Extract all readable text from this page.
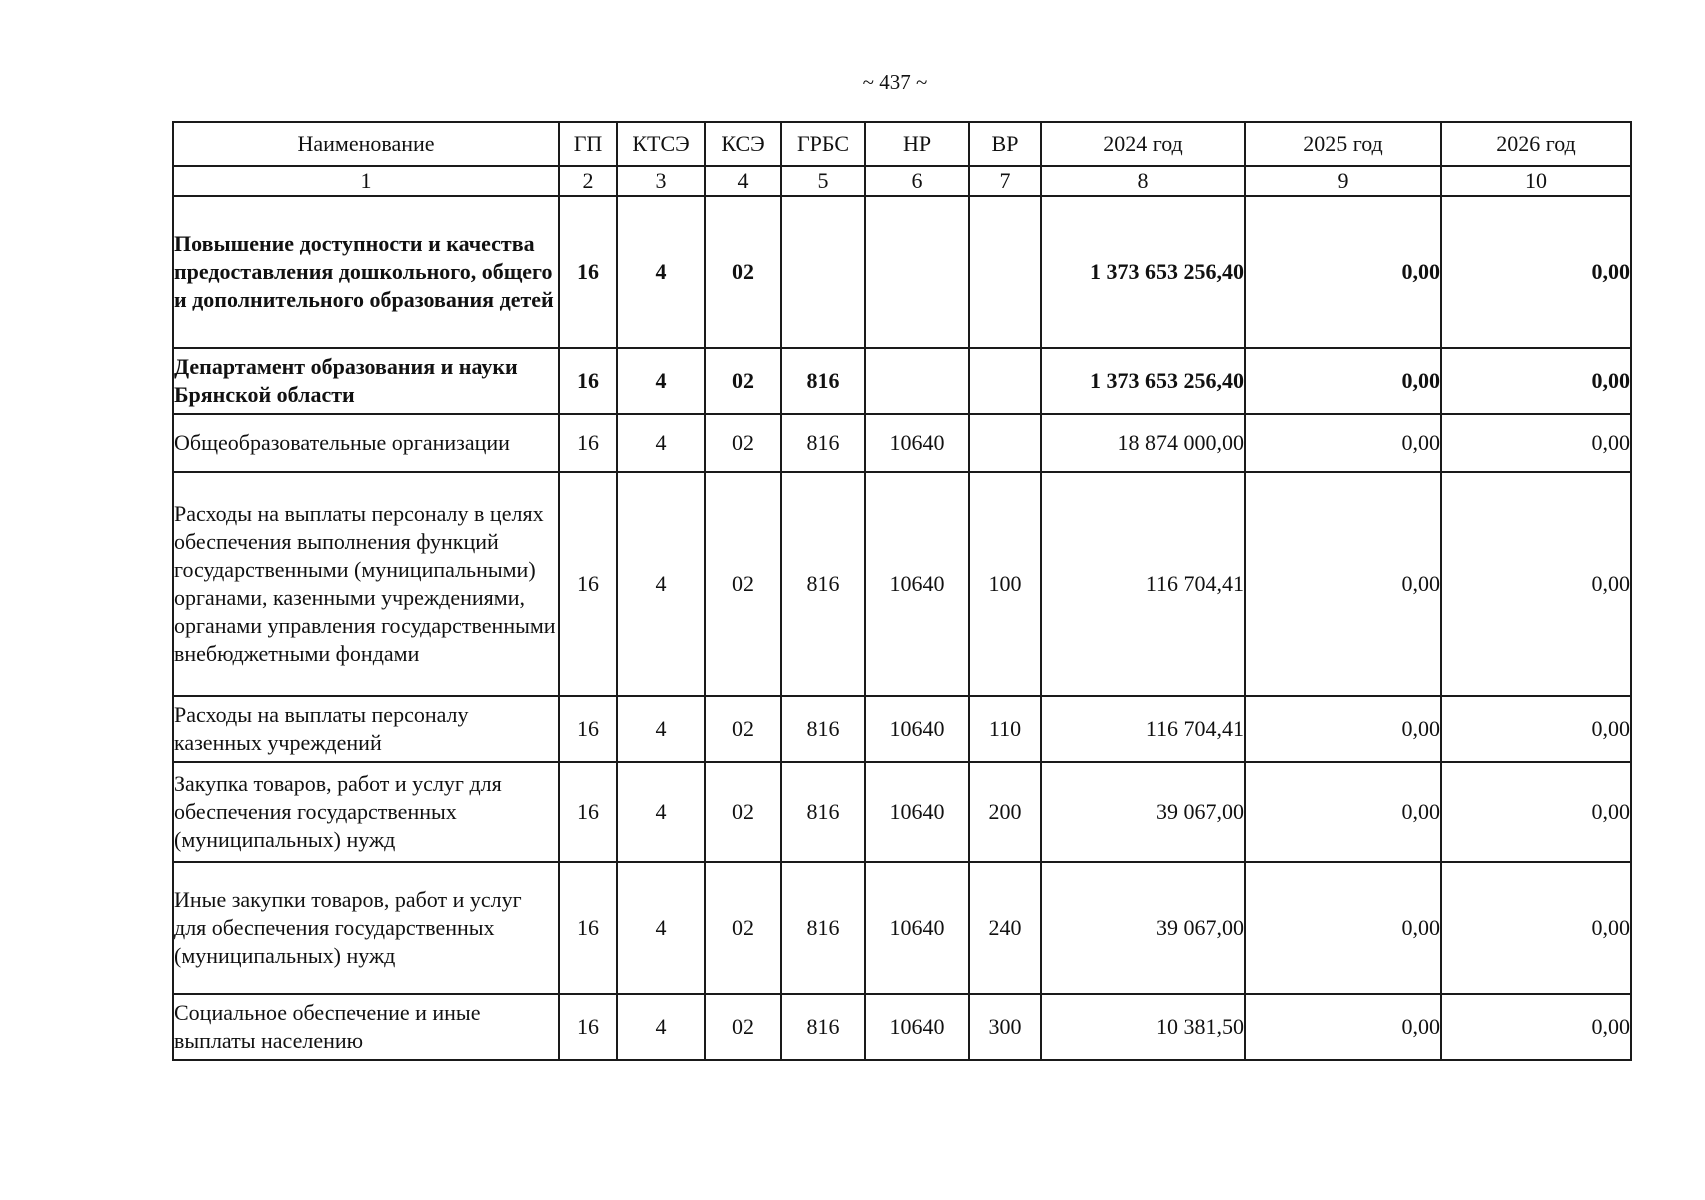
~ 437 ~
Наименование	ГП	КТСЭ	КСЭ	ГРБС	НР	ВР	2024 год	2025 год	2026 год
1	2	3	4	5	6	7	8	9	10
Повышение доступности и качества предоставления дошкольного, общего и дополнительного образования детей	16	4	02				1 373 653 256,40	0,00	0,00
Департамент образования и науки Брянской области	16	4	02	816			1 373 653 256,40	0,00	0,00
Общеобразовательные организации	16	4	02	816	10640		18 874 000,00	0,00	0,00
Расходы на выплаты персоналу в целях обеспечения выполнения функций государственными (муниципальными) органами, казенными учреждениями, органами управления государственными внебюджетными фондами	16	4	02	816	10640	100	116 704,41	0,00	0,00
Расходы на выплаты персоналу казенных учреждений	16	4	02	816	10640	110	116 704,41	0,00	0,00
Закупка товаров, работ и услуг для обеспечения государственных (муниципальных) нужд	16	4	02	816	10640	200	39 067,00	0,00	0,00
Иные закупки товаров, работ и услуг для обеспечения государственных (муниципальных) нужд	16	4	02	816	10640	240	39 067,00	0,00	0,00
Социальное обеспечение и иные выплаты населению	16	4	02	816	10640	300	10 381,50	0,00	0,00
